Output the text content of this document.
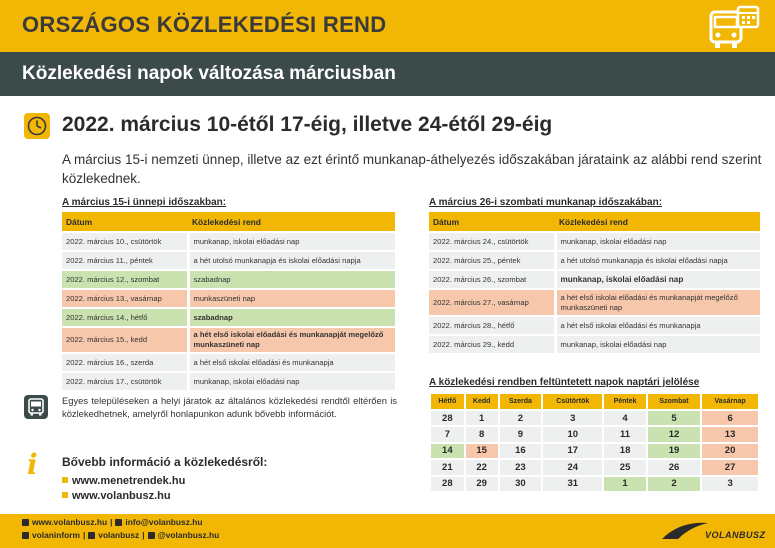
ORSZÁGOS KÖZLEKEDÉSI REND
Közlekedési napok változása márciusban
2022. március 10-étől 17-éig, illetve 24-étől 29-éig
A március 15-i nemzeti ünnep, illetve az ezt érintő munkanap-áthelyezés időszakában járataink az alábbi rend szerint közlekednek.
A március 15-i ünnepi időszakban:
Dátum	Közlekedési rend
2022. március 10., csütörtök	munkanap, iskolai előadási nap
2022. március 11., péntek	a hét utolsó munkanapja és iskolai előadási napja
2022. március 12., szombat	szabadnap
2022. március 13., vasárnap	munkaszüneti nap
2022. március 14., hétfő	szabadnap
2022. március 15., kedd	a hét első iskolai előadási és munkanapját megelőző munkaszüneti nap
2022. március 16., szerda	a hét első iskolai előadási és munkanapja
2022. március 17., csütörtök	munkanap, iskolai előadási nap
A március 26-i szombati munkanap időszakában:
Dátum	Közlekedési rend
2022. március 24., csütörtök	munkanap, iskolai előadási nap
2022. március 25., péntek	a hét utolsó munkanapja és iskolai előadási napja
2022. március 26., szombat	munkanap, iskolai előadási nap
2022. március 27., vasárnap	a hét első iskolai előadási és munkanapját megelőző munkaszüneti nap
2022. március 28., hétfő	a hét első iskolai előadási és munkanapja
2022. március 29., kedd	munkanap, iskolai előadási nap
A közlekedési rendben feltüntetett napok naptári jelölése
Hétfő	Kedd	Szerda	Csütörtök	Péntek	Szombat	Vasárnap
28	1	2	3	4	5	6
7	8	9	10	11	12	13
14	15	16	17	18	19	20
21	22	23	24	25	26	27
28	29	30	31	1	2	3
Egyes településeken a helyi járatok az általános közlekedési rendtől eltérően is közlekedhetnek, amelyről honlapunkon adunk bővebb információt.
i Bővebb információ a közlekedésről:
www.menetrendek.hu
www.volanbusz.hu
www.volanbusz.hu | info@volanbusz.hu
volaninform | volanbusz | @volanbusz.hu	VOLANBUSZ
